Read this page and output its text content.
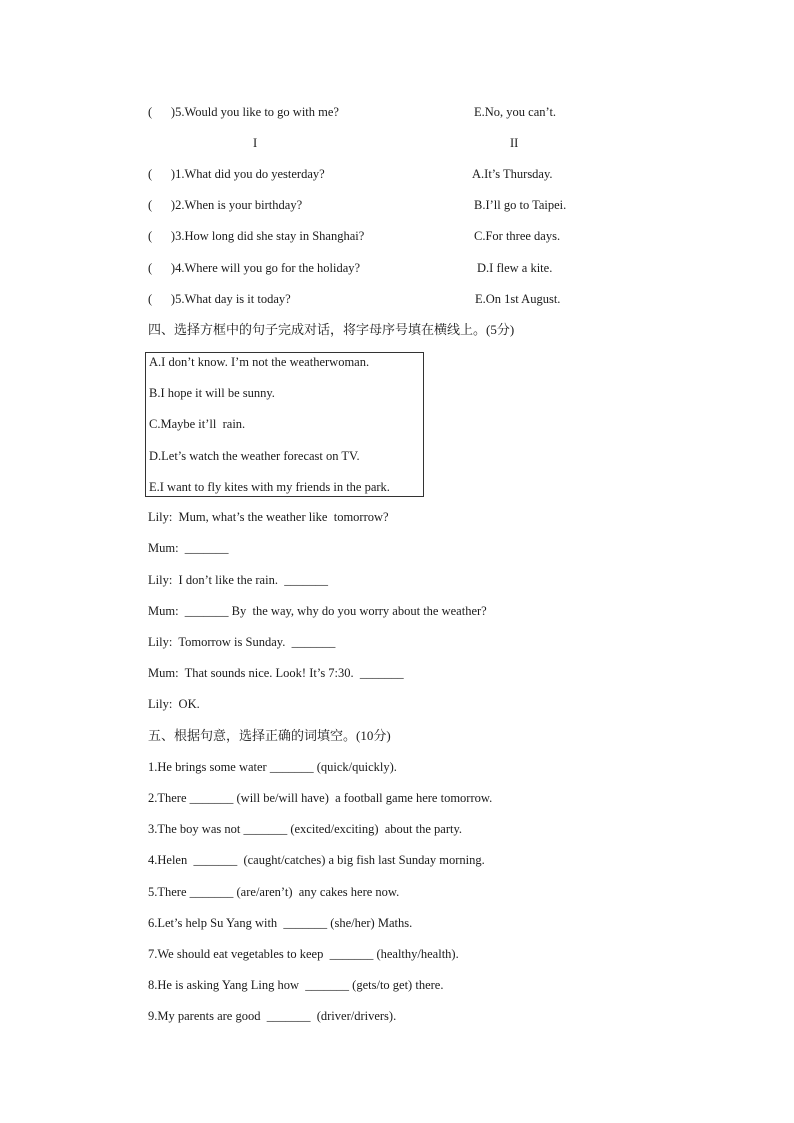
(      )5.Would you like to go with me?	E.No, you can’t.
I	II
(      )1.What did you do yesterday?
(      )2.When is your birthday?
(      )3.How long did she stay in Shanghai?
(      )4.Where will you go for the holiday?
(      )5.What day is it today?
A.It’s Thursday.
B.I’ll go to Taipei.
C.For three days.
D.I flew a kite.
E.On 1st August.
四、选择方框中的句子完成对话，将字母序号填在横线上。(5分)
A.I don’t know. I’m not the weatherwoman.
B.I hope it will be sunny.
C.Maybe it’ll  rain.
D.Let’s watch the weather forecast on TV.
E.I want to fly kites with my friends in the park.
Lily:  Mum, what’s the weather like  tomorrow?
Mum:  _______
Lily:  I don’t like the rain.  _______
Mum:  _______ By  the way, why do you worry about the weather?
Lily:  Tomorrow is Sunday.  _______
Mum:  That sounds nice. Look! It’s 7:30.  _______
Lily:  OK.
五、根据句意，选择正确的词填空。(10分)
1.He brings some water _______ (quick/quickly).
2.There _______ (will be/will have)  a football game here tomorrow.
3.The boy was not _______ (excited/exciting)  about the party.
4.Helen  _______  (caught/catches) a big fish last Sunday morning.
5.There _______ (are/aren’t)  any cakes here now.
6.Let’s help Su Yang with  _______ (she/her) Maths.
7.We should eat vegetables to keep  _______ (healthy/health).
8.He is asking Yang Ling how  _______ (gets/to get) there.
9.My parents are good  _______  (driver/drivers).
